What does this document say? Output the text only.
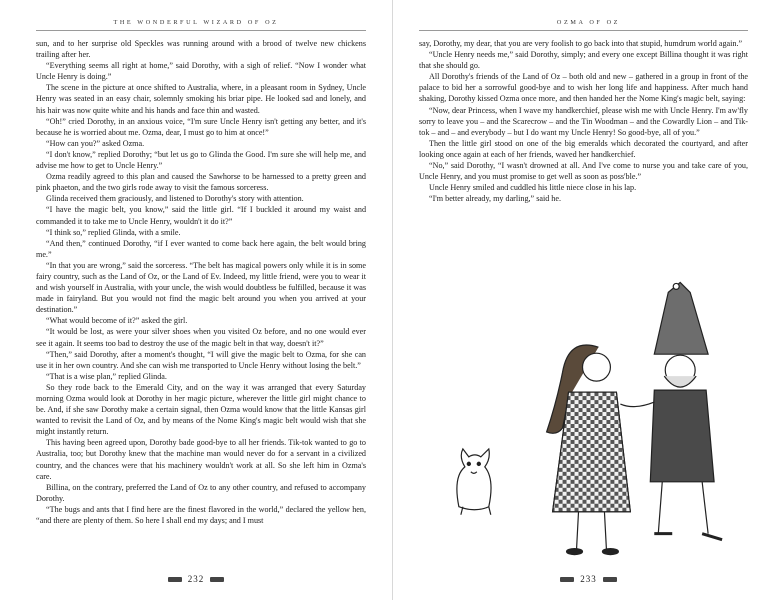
THE WONDERFUL WIZARD OF OZ

sun, and to her surprise old Speckles was running around with a brood of twelve new chickens trailing after her.

“Everything seems all right at home,” said Dorothy, with a sigh of relief. “Now I wonder what Uncle Henry is doing.”

The scene in the picture at once shifted to Australia, where, in a pleasant room in Sydney, Uncle Henry was seated in an easy chair, solemnly smoking his briar pipe. He looked sad and lonely, and his hair was now quite white and his hands and face thin and wasted.

“Oh!” cried Dorothy, in an anxious voice, “I'm sure Uncle Henry isn't getting any better, and it's because he is worried about me. Ozma, dear, I must go to him at once!”

“How can you?” asked Ozma.

“I don't know,” replied Dorothy; “but let us go to Glinda the Good. I'm sure she will help me, and advise me how to get to Uncle Henry.”

Ozma readily agreed to this plan and caused the Sawhorse to be harnessed to a pretty green and pink phaeton, and the two girls rode away to visit the famous sorceress.

Glinda received them graciously, and listened to Dorothy's story with attention.

“I have the magic belt, you know,” said the little girl. “If I buckled it around my waist and commanded it to take me to Uncle Henry, wouldn't it do it?”

“I think so,” replied Glinda, with a smile.

“And then,” continued Dorothy, “if I ever wanted to come back here again, the belt would bring me.”

“In that you are wrong,” said the sorceress. “The belt has magical powers only while it is in some fairy country, such as the Land of Oz, or the Land of Ev. Indeed, my little friend, were you to wear it and wish yourself in Australia, with your uncle, the wish would doubtless be fulfilled, because it was made in fairyland. But you would not find the magic belt around you when you arrived at your destination.”

“What would become of it?” asked the girl.

“It would be lost, as were your silver shoes when you visited Oz before, and no one would ever see it again. It seems too bad to destroy the use of the magic belt in that way, doesn't it?”

“Then,” said Dorothy, after a moment's thought, “I will give the magic belt to Ozma, for she can use it in her own country. And she can wish me transported to Uncle Henry without losing the belt.”

“That is a wise plan,” replied Glinda.

So they rode back to the Emerald City, and on the way it was arranged that every Saturday morning Ozma would look at Dorothy in her magic picture, wherever the little girl might chance to be. And, if she saw Dorothy make a certain signal, then Ozma would know that the little Kansas girl wanted to revisit the Land of Oz, and by means of the Nome King's magic belt would wish that she might instantly return.

This having been agreed upon, Dorothy bade good-bye to all her friends. Tik-tok wanted to go to Australia, too; but Dorothy knew that the machine man would never do for a servant in a civilized country, and the chances were that his machinery wouldn't work at all. So she left him in Ozma's care.

Billina, on the contrary, preferred the Land of Oz to any other country, and refused to accompany Dorothy.

“The bugs and ants that I find here are the finest flavored in the world,” declared the yellow hen, “and there are plenty of them. So here I shall end my days; and I must

232
OZMA OF OZ

say, Dorothy, my dear, that you are very foolish to go back into that stupid, humdrum world again.”

“Uncle Henry needs me,” said Dorothy, simply; and every one except Billina thought it was right that she should go.

All Dorothy's friends of the Land of Oz – both old and new – gathered in a group in front of the palace to bid her a sorrowful good-bye and to wish her long life and happiness. After much hand shaking, Dorothy kissed Ozma once more, and then handed her the Nome King's magic belt, saying:

“Now, dear Princess, when I wave my handkerchief, please wish me with Uncle Henry. I'm aw'fly sorry to leave you – and the Scarecrow – and the Tin Woodman – and the Cowardly Lion – and Tik-tok – and – and everybody – but I do want my Uncle Henry! So good-bye, all of you.”

Then the little girl stood on one of the big emeralds which decorated the courtyard, and after looking once again at each of her friends, waved her handkerchief.

“No,” said Dorothy, “I wasn't drowned at all. And I've come to nurse you and take care of you, Uncle Henry, and you must promise to get well as soon as poss'ble.”

Uncle Henry smiled and cuddled his little niece close in his lap.

“I'm better already, my darling,” said he.

233
